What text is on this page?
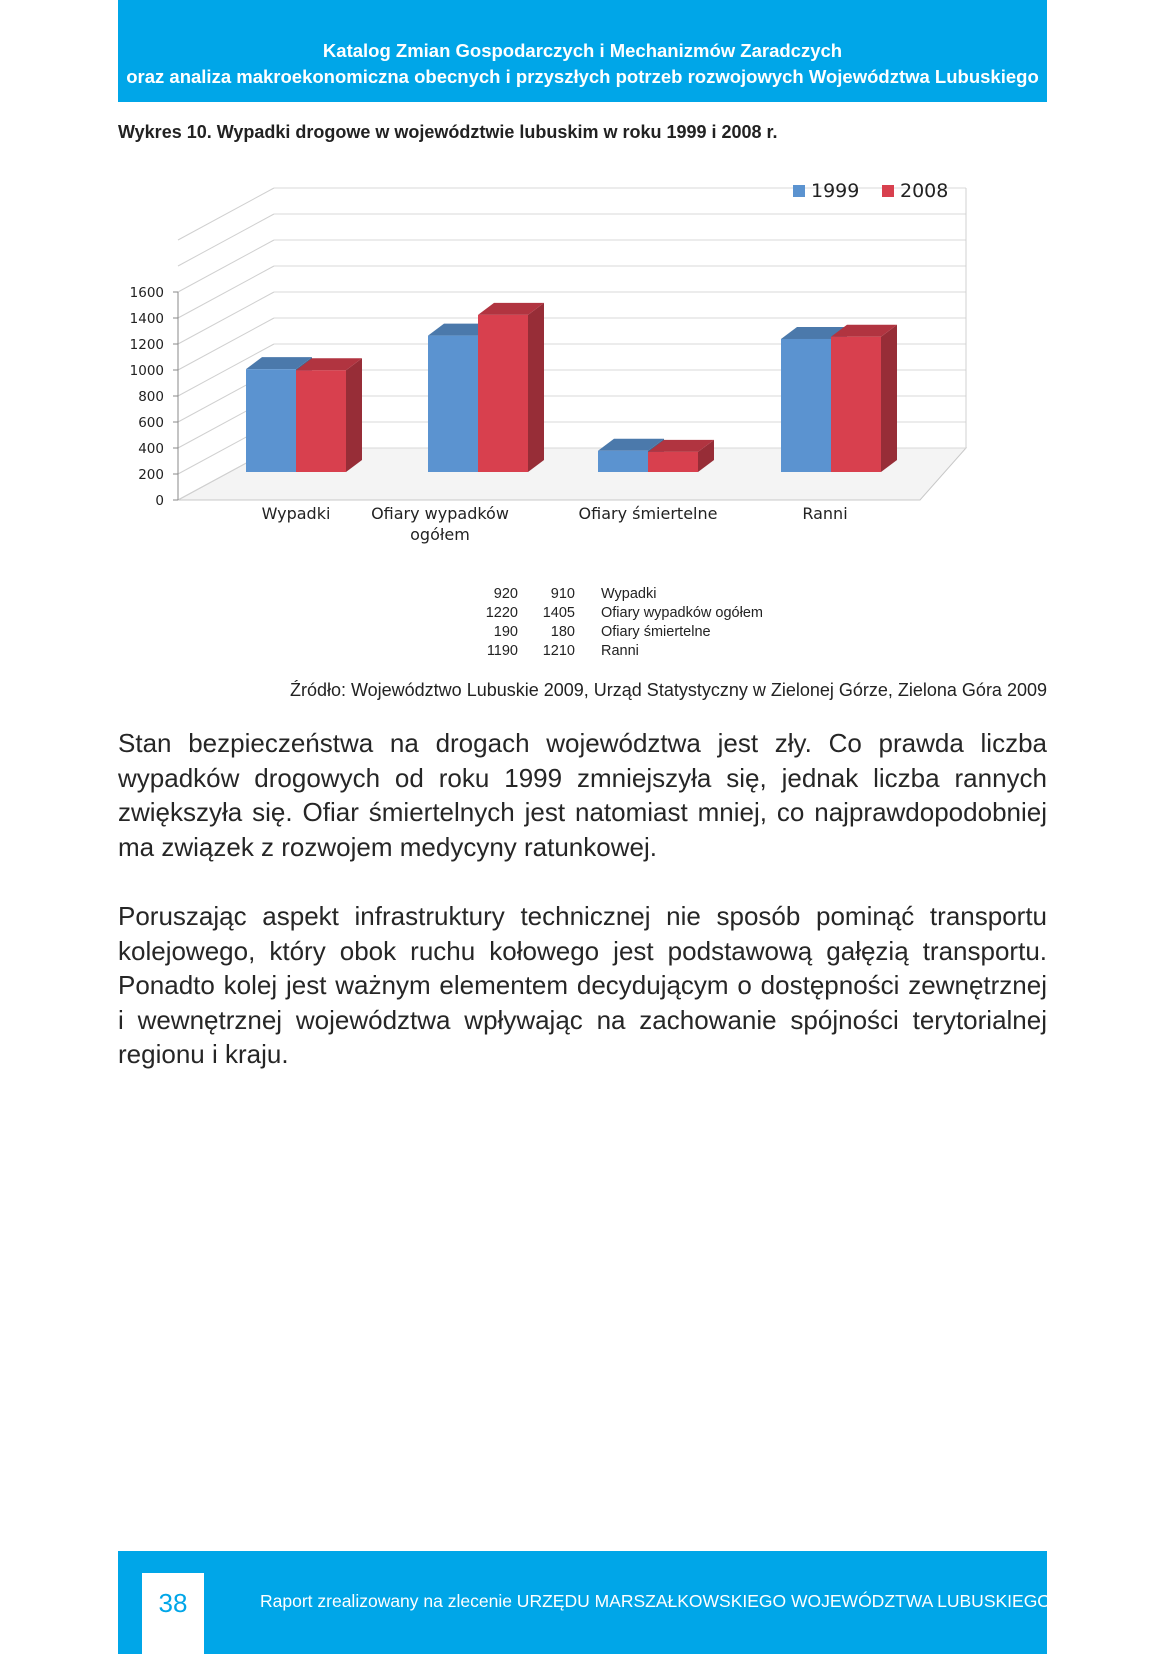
Katalog Zmian Gospodarczych i Mechanizmów Zaradczych
oraz analiza makroekonomiczna obecnych i przyszłych potrzeb rozwojowych Województwa Lubuskiego
Wykres 10. Wypadki drogowe w województwie lubuskim w roku 1999 i 2008 r.
0
200
400
600
800
1000
1200
1400
1600
Wypadki	Ofiary wypadków
ogółem
Ofiary śmiertelne	Ranni
1999 2008
920	910	Wypadki
1220	1405	Ofiary wypadków ogółem
190	180	Ofiary śmiertelne
1190	1210	Ranni
Źródło: Województwo Lubuskie 2009, Urząd Statystyczny w Zielonej Górze, Zielona Góra 2009

Stan bezpieczeństwa na drogach województwa jest zły. Co prawda liczba wypadków drogowych od roku 1999 zmniejszyła się, jednak liczba rannych zwiększyła się. Ofiar śmiertelnych jest natomiast mniej, co najprawdopodobniej ma związek z rozwojem medycyny ratunkowej.

Poruszając aspekt infrastruktury technicznej nie sposób pominąć transportu kolejowego, który obok ruchu kołowego jest podstawową gałęzią transportu. Ponadto kolej jest ważnym elementem decydującym o dostępności zewnętrznej i wewnętrznej województwa wpływając na zachowanie spójności terytorialnej regionu i kraju.

38	Raport zrealizowany na zlecenie URZĘDU MARSZAŁKOWSKIEGO WOJEWÓDZTWA LUBUSKIEGO
